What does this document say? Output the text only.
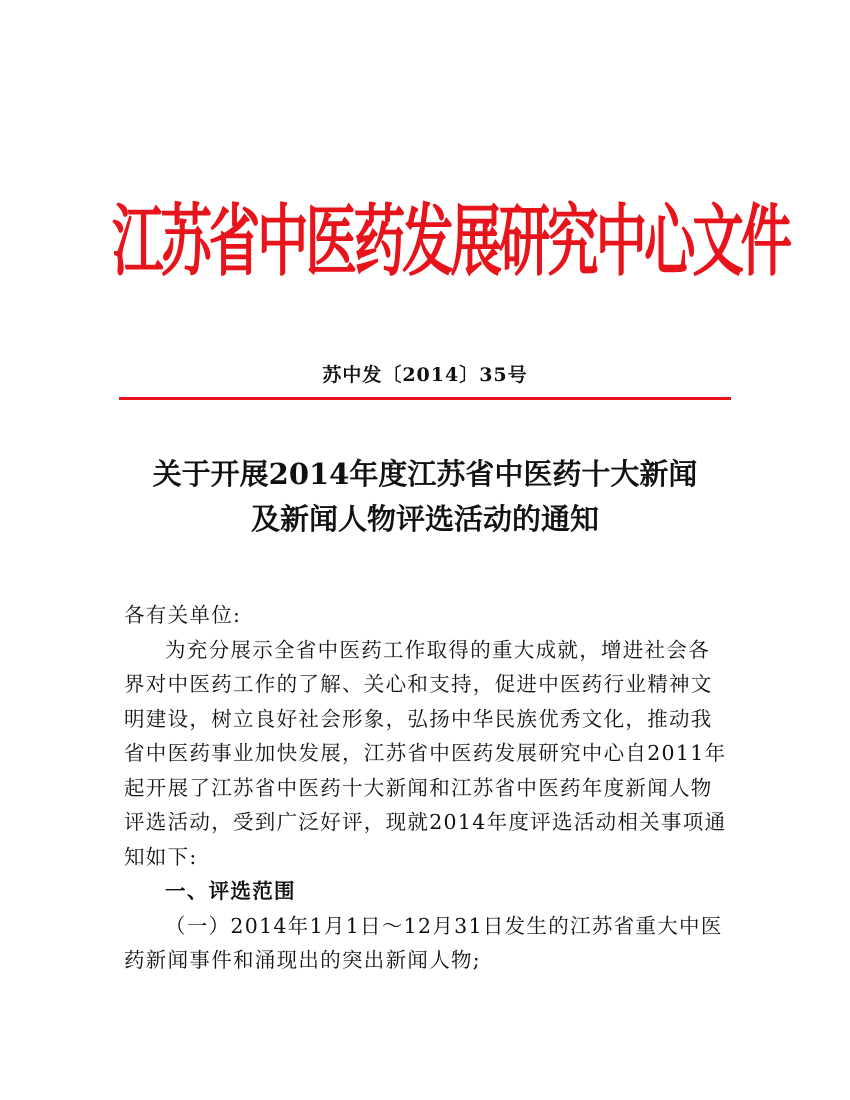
江苏省中医药发展研究中心文件
苏中发〔2014〕35号
关于开展2014年度江苏省中医药十大新闻
及新闻人物评选活动的通知

各有关单位:

为充分展示全省中医药工作取得的重大成就，增进社会各界对中医药工作的了解、关心和支持，促进中医药行业精神文明建设，树立良好社会形象，弘扬中华民族优秀文化，推动我省中医药事业加快发展，江苏省中医药发展研究中心自2011年起开展了江苏省中医药十大新闻和江苏省中医药年度新闻人物评选活动，受到广泛好评，现就2014年度评选活动相关事项通知如下:

一、评选范围

（一）2014年1月1日～12月31日发生的江苏省重大中医药新闻事件和涌现出的突出新闻人物;
